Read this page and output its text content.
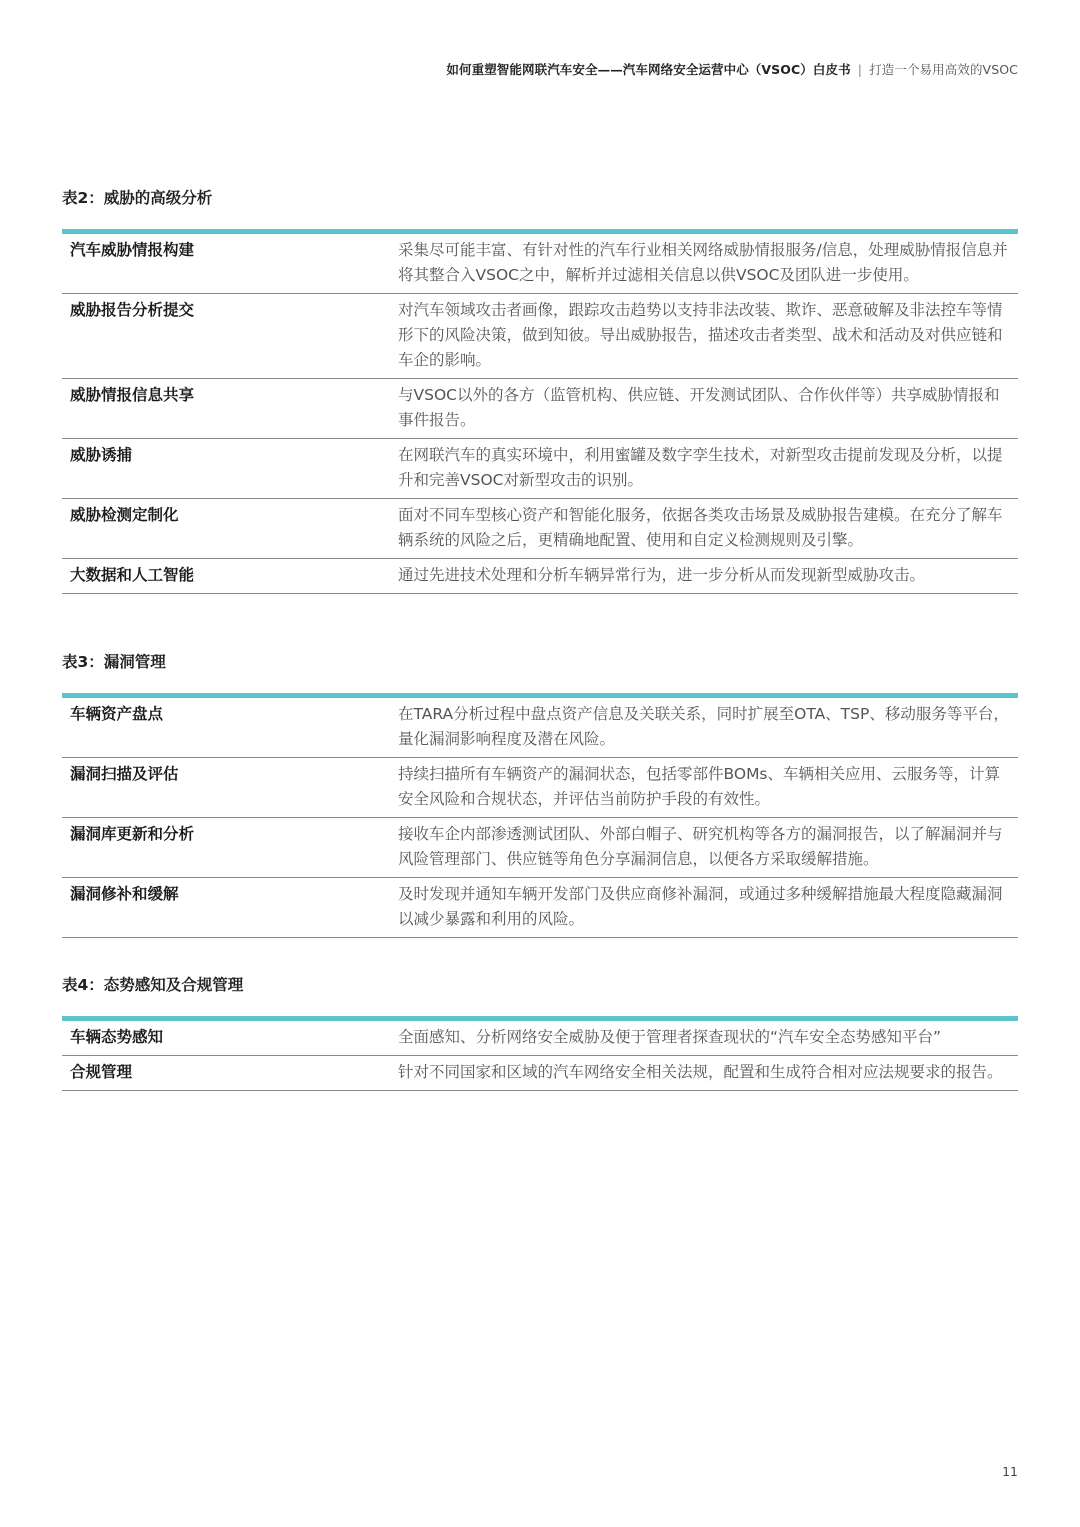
如何重塑智能网联汽车安全——汽车网络安全运营中心（VSOC）白皮书 | 打造一个易用高效的VSOC
表2：威胁的高级分析
汽车威胁情报构建	采集尽可能丰富、有针对性的汽车行业相关网络威胁情报服务/信息，处理威胁情报信息并将其整合入VSOC之中，解析并过滤相关信息以供VSOC及团队进一步使用。
威胁报告分析提交	对汽车领域攻击者画像，跟踪攻击趋势以支持非法改装、欺诈、恶意破解及非法控车等情形下的风险决策，做到知彼。导出威胁报告，描述攻击者类型、战术和活动及对供应链和车企的影响。
威胁情报信息共享	与VSOC以外的各方（监管机构、供应链、开发测试团队、合作伙伴等）共享威胁情报和事件报告。
威胁诱捕	在网联汽车的真实环境中，利用蜜罐及数字孪生技术，对新型攻击提前发现及分析，以提升和完善VSOC对新型攻击的识别。
威胁检测定制化	面对不同车型核心资产和智能化服务，依据各类攻击场景及威胁报告建模。在充分了解车辆系统的风险之后，更精确地配置、使用和自定义检测规则及引擎。
大数据和人工智能	通过先进技术处理和分析车辆异常行为，进一步分析从而发现新型威胁攻击。
表3：漏洞管理
车辆资产盘点	在TARA分析过程中盘点资产信息及关联关系，同时扩展至OTA、TSP、移动服务等平台，量化漏洞影响程度及潜在风险。
漏洞扫描及评估	持续扫描所有车辆资产的漏洞状态，包括零部件BOMs、车辆相关应用、云服务等，计算安全风险和合规状态，并评估当前防护手段的有效性。
漏洞库更新和分析	接收车企内部渗透测试团队、外部白帽子、研究机构等各方的漏洞报告，以了解漏洞并与风险管理部门、供应链等角色分享漏洞信息，以便各方采取缓解措施。
漏洞修补和缓解	及时发现并通知车辆开发部门及供应商修补漏洞，或通过多种缓解措施最大程度隐藏漏洞以减少暴露和利用的风险。
表4：态势感知及合规管理
车辆态势感知	全面感知、分析网络安全威胁及便于管理者探查现状的“汽车安全态势感知平台”
合规管理	针对不同国家和区域的汽车网络安全相关法规，配置和生成符合相对应法规要求的报告。
11
